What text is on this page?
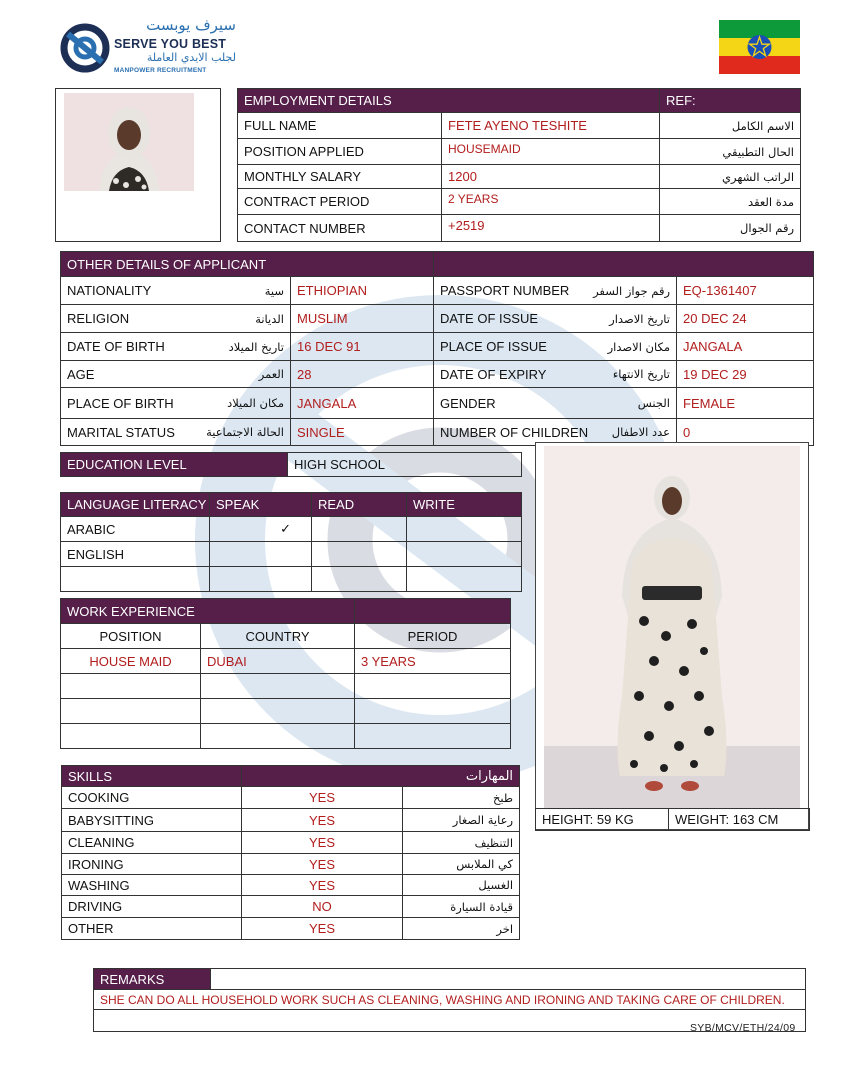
سيرف يوبست
SERVE YOU BEST
لجلب الايدي العاملة
MANPOWER RECRUITMENT
EMPLOYMENT DETAILS		REF:
FULL NAME	FETE AYENO TESHITE	الاسم الكامل
POSITION APPLIED	HOUSEMAID	الحال التطبيقي
MONTHLY SALARY	1200	الراتب الشهري
CONTRACT PERIOD	2 YEARS	مدة العقد
CONTACT NUMBER	+2519	رقم الجوال
OTHER DETAILS OF APPLICANT			

NATIONALITY سية	ETHIOPIAN	PASSPORT NUMBER رقم جواز السفر	EQ-1361407

RELIGION الديانة	MUSLIM	DATE OF ISSUE تاريخ الاصدار	20 DEC 24

DATE OF BIRTH تاريخ الميلاد	16 DEC 91	PLACE OF ISSUE مكان الاصدار	JANGALA

AGE العمر	28	DATE OF EXPIRY تاريخ الانتهاء	19 DEC 29

PLACE OF BIRTH مكان الميلاد	JANGALA	GENDER الجنس	FEMALE

MARITAL STATUS الحالة الاجتماعية	SINGLE	NUMBER OF CHILDREN عدد الاطفال	0
EDUCATION LEVEL	HIGH SCHOOL
LANGUAGE LITERACY	SPEAK	READ	WRITE
ARABIC	✓		
ENGLISH			

WORK EXPERIENCE		
POSITION	COUNTRY	PERIOD
HOUSE MAID	DUBAI	3 YEARS

SKILLS	المهارات	
COOKING	YES	طبخ
BABYSITTING	YES	رعاية الصغار
CLEANING	YES	التنظيف
IRONING	YES	كي الملابس
WASHING	YES	الغسيل
DRIVING	NO	قيادة السيارة
OTHER	YES	اخر
HEIGHT: 59 KG	WEIGHT: 163 CM
REMARKS	
SHE CAN DO ALL HOUSEHOLD WORK SUCH AS CLEANING, WASHING AND IRONING AND TAKING CARE OF CHILDREN.

SYB/MCV/ETH/24/09
